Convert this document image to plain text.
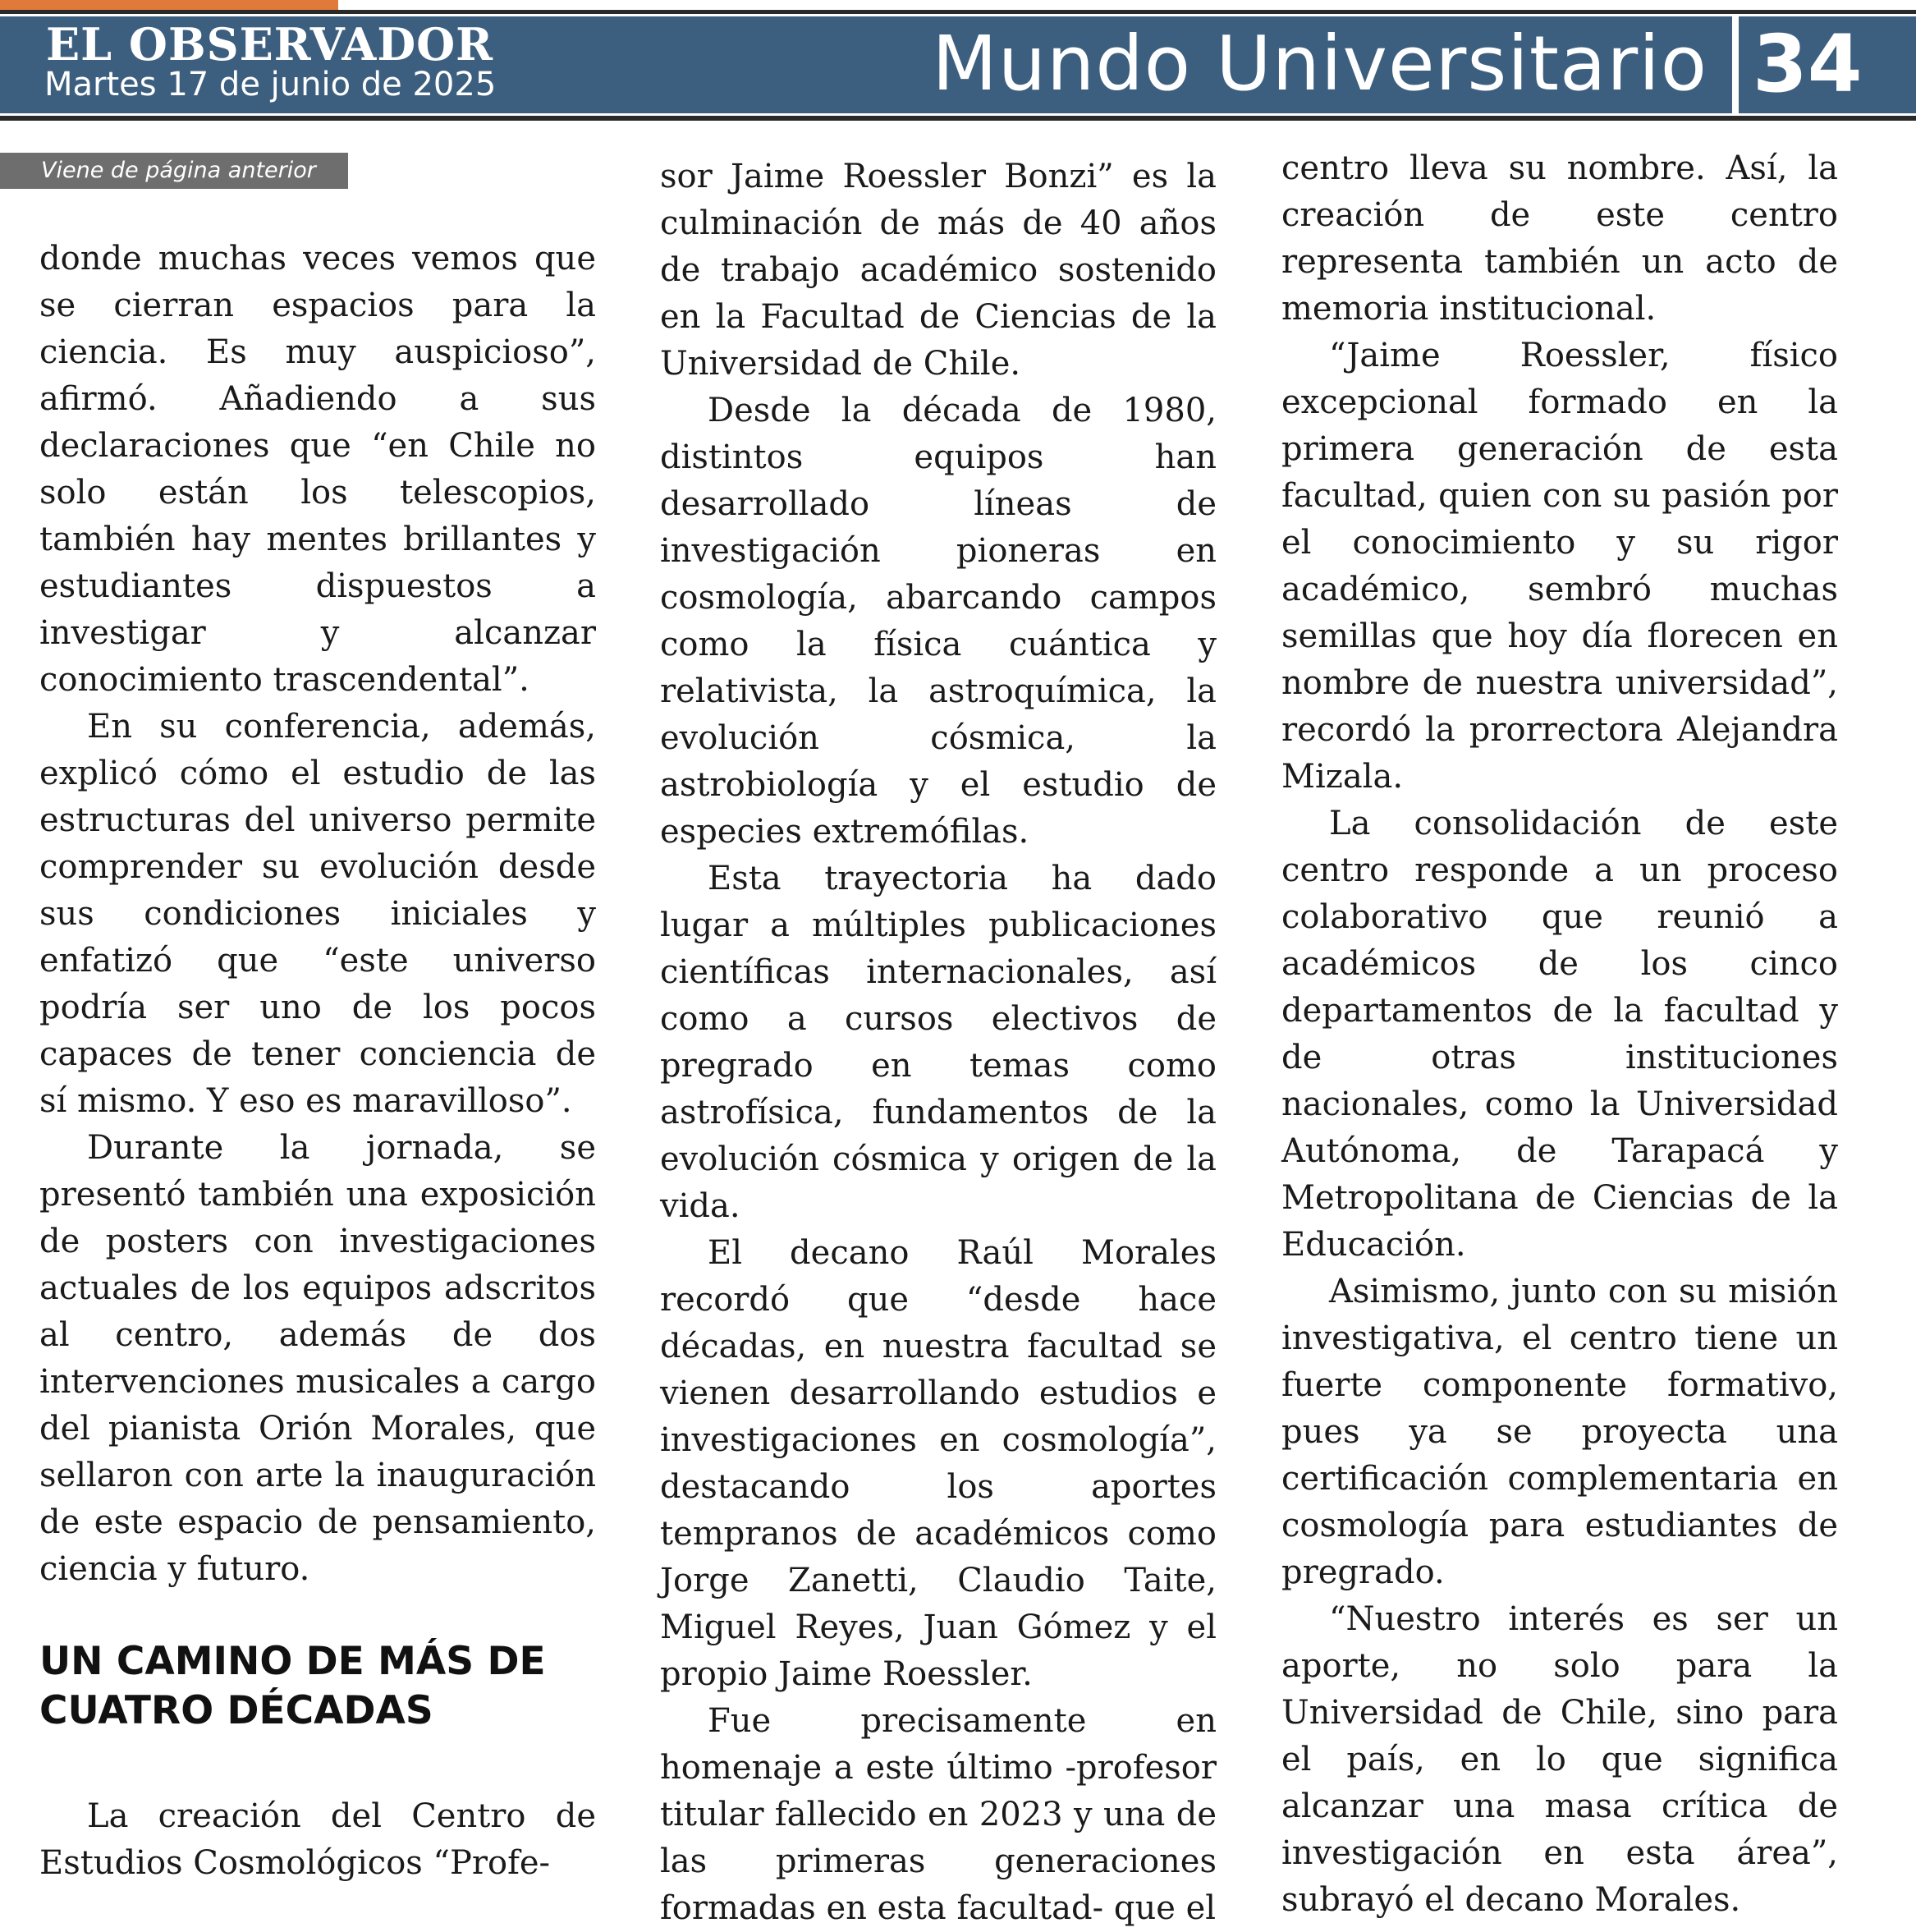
EL OBSERVADOR
Martes 17 de junio de 2025	Mundo Universitario 34
Viene de página anterior

donde muchas veces vemos que se cierran espacios para la ciencia. Es muy auspicioso”, afirmó. Añadiendo a sus declaraciones que “en Chile no solo están los telescopios, también hay mentes brillantes y estudiantes dispuestos a investigar y alcanzar conocimiento trascendental”.

En su conferencia, además, explicó cómo el estudio de las estructuras del universo permite comprender su evolución desde sus condiciones iniciales y enfatizó que “este universo podría ser uno de los pocos capaces de tener conciencia de sí mismo. Y eso es maravilloso”.

Durante la jornada, se presentó también una exposición de posters con investigaciones actuales de los equipos adscritos al centro, además de dos intervenciones musicales a cargo del pianista Orión Morales, que sellaron con arte la inauguración de este espacio de pensamiento, ciencia y futuro.

UN CAMINO DE MÁS DE CUATRO DÉCADAS

La creación del Centro de Estudios Cosmológicos “Profe-

sor Jaime Roessler Bonzi” es la culminación de más de 40 años de trabajo académico sostenido en la Facultad de Ciencias de la Universidad de Chile.

Desde la década de 1980, distintos equipos han desarrollado líneas de investigación pioneras en cosmología, abarcando campos como la física cuántica y relativista, la astroquímica, la evolución cósmica, la astrobiología y el estudio de especies extremófilas.

Esta trayectoria ha dado lugar a múltiples publicaciones científicas internacionales, así como a cursos electivos de pregrado en temas como astrofísica, fundamentos de la evolución cósmica y origen de la vida.

El decano Raúl Morales recordó que “desde hace décadas, en nuestra facultad se vienen desarrollando estudios e investigaciones en cosmología”, destacando los aportes tempranos de académicos como Jorge Zanetti, Claudio Taite, Miguel Reyes, Juan Gómez y el propio Jaime Roessler.

Fue precisamente en homenaje a este último -profesor titular fallecido en 2023 y una de las primeras generaciones formadas en esta facultad- que el

centro lleva su nombre. Así, la creación de este centro representa también un acto de memoria institucional.

“Jaime Roessler, físico excepcional formado en la primera generación de esta facultad, quien con su pasión por el conocimiento y su rigor académico, sembró muchas semillas que hoy día florecen en nombre de nuestra universidad”, recordó la prorrectora Alejandra Mizala.

La consolidación de este centro responde a un proceso colaborativo que reunió a académicos de los cinco departamentos de la facultad y de otras instituciones nacionales, como la Universidad Autónoma, de Tarapacá y Metropolitana de Ciencias de la Educación.

Asimismo, junto con su misión investigativa, el centro tiene un fuerte componente formativo, pues ya se proyecta una certificación complementaria en cosmología para estudiantes de pregrado.

“Nuestro interés es ser un aporte, no solo para la Universidad de Chile, sino para el país, en lo que significa alcanzar una masa crítica de investigación en esta área”, subrayó el decano Morales.
